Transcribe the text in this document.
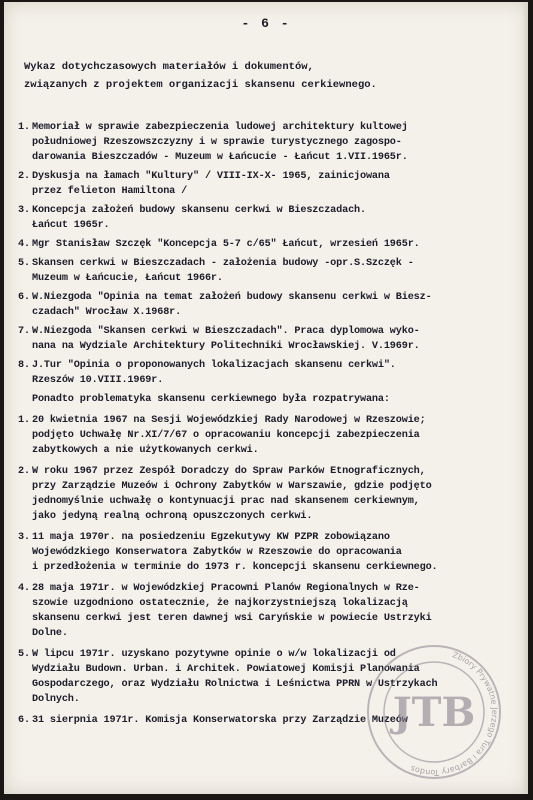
- 6 -
Wykaz dotychczasowych materiałów i dokumentów,
związanych z projektem organizacji skansenu cerkiewnego.
1. Memoriał w sprawie zabezpieczenia ludowej architektury kultowej
południowej Rzeszowszczyzny i w sprawie turystycznego zagospo-
darowania Bieszczadów - Muzeum w Łańcucie - Łańcut 1.VII.1965r.
2. Dyskusja na łamach "Kultury" / VIII-IX-X- 1965, zainicjowana
przez felieton Hamiltona /
3. Koncepcja założeń budowy skansenu cerkwi w Bieszczadach.
Łańcut 1965r.
4. Mgr Stanisław Szczęk "Koncepcja 5-7 c/65" Łańcut, wrzesień 1965r.
5. Skansen cerkwi w Bieszczadach - założenia budowy -opr.S.Szczęk -
Muzeum w Łańcucie, Łańcut 1966r.
6. W.Niezgoda "Opinia na temat założeń budowy skansenu cerkwi w Biesz-
czadach" Wrocław X.1968r.
7. W.Niezgoda "Skansen cerkwi w Bieszczadach". Praca dyplomowa wyko-
nana na Wydziale Architektury Politechniki Wrocławskiej. V.1969r.
8. J.Tur "Opinia o proponowanych lokalizacjach skansenu cerkwi".
Rzeszów 10.VIII.1969r.
Ponadto problematyka skansenu cerkiewnego była rozpatrywana:
1. 20 kwietnia 1967 na Sesji Wojewódzkiej Rady Narodowej w Rzeszowie;
podjęto Uchwałę Nr.XI/7/67 o opracowaniu koncepcji zabezpieczenia
zabytkowych a nie użytkowanych cerkwi.
2. W roku 1967 przez Zespół Doradczy do Spraw Parków Etnograficznych,
przy Zarządzie Muzeów i Ochrony Zabytków w Warszawie, gdzie podjęto
jednomyślnie uchwałę o kontynuacji prac nad skansenem cerkiewnym,
jako jedyną realną ochroną opuszczonych cerkwi.
3. 11 maja 1970r. na posiedzeniu Egzekutywy KW PZPR zobowiązano
Wojewódzkiego Konserwatora Zabytków w Rzeszowie do opracowania
i przedłożenia w terminie do 1973 r. koncepcji skansenu cerkiewnego.
4. 28 maja 1971r. w Wojewódzkiej Pracowni Planów Regionalnych w Rze-
szowie uzgodniono ostatecznie, że najkorzystniejszą lokalizacją
skansenu cerkwi jest teren dawnej wsi Caryńskie w powiecie Ustrzyki
Dolne.
5. W lipcu 1971r. uzyskano pozytywne opinie o w/w lokalizacji od
Wydziału Budown. Urban. i Architek. Powiatowej Komisji Planowania
Gospodarczego, oraz Wydziału Rolnictwa i Leśnictwa PPRN w Ustrzykach
Dolnych.
6. 31 sierpnia 1971r. Komisja Konserwatorska przy Zarządzie Muzeów
Zbiory Prywatne Jerzego Tura i Barbary Tondos
JTB
